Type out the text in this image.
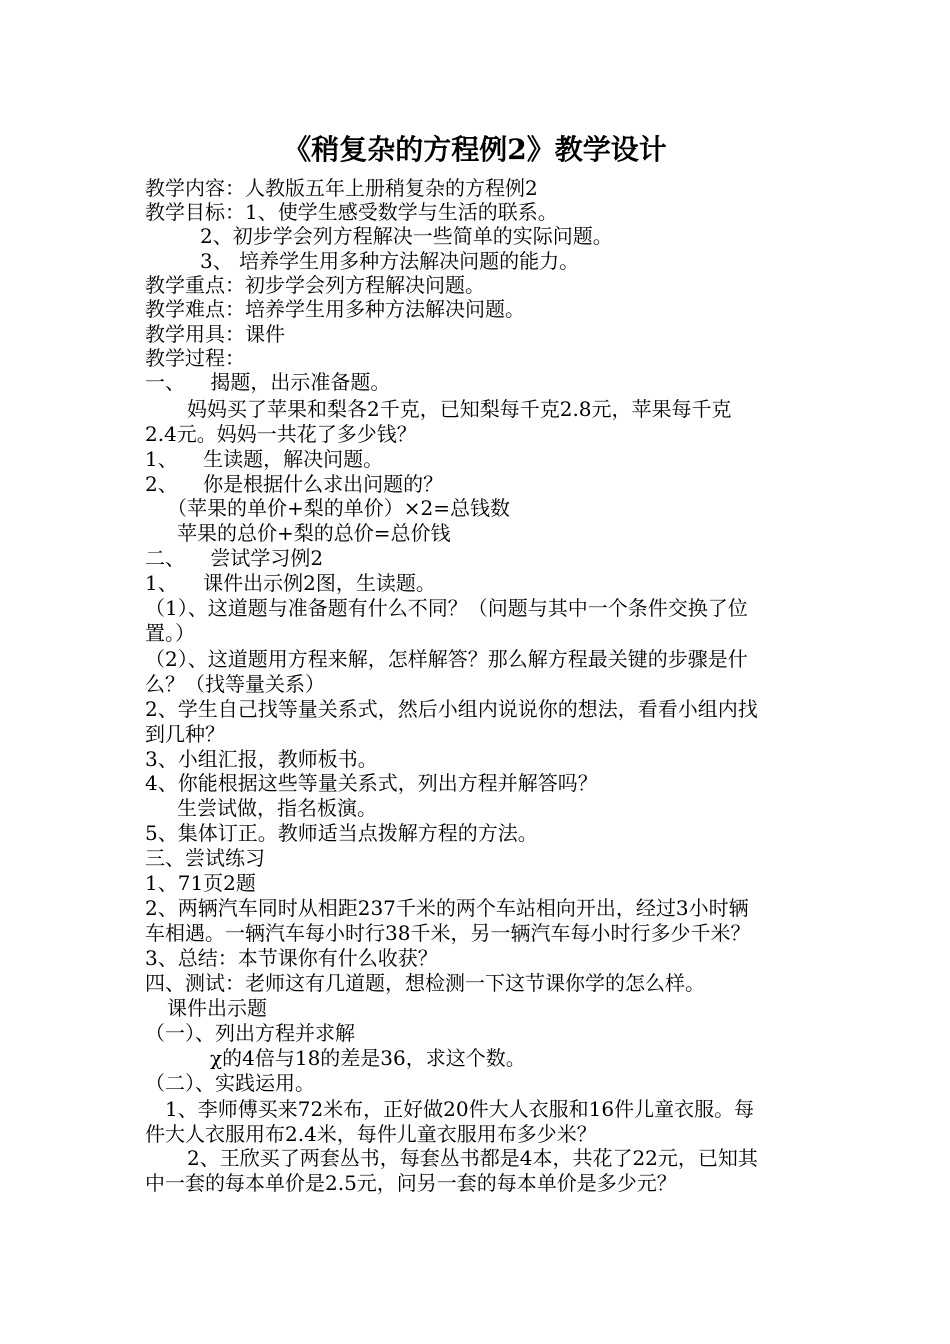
《稍复杂的方程例2》教学设计
教学内容：人教版五年上册稍复杂的方程例2
教学目标：1、使学生感受数学与生活的联系。
2、初步学会列方程解决一些简单的实际问题。
3、 培养学生用多种方法解决问题的能力。
教学重点：初步学会列方程解决问题。
教学难点：培养学生用多种方法解决问题。
教学用具：课件
教学过程：
一、    揭题，出示准备题。
妈妈买了苹果和梨各2千克，已知梨每千克2.8元，苹果每千克
2.4元。妈妈一共花了多少钱？
1、    生读题，解决问题。
2、    你是根据什么求出问题的？
（苹果的单价+梨的单价）×2=总钱数
苹果的总价+梨的总价=总价钱
二、    尝试学习例2
1、    课件出示例2图，生读题。
（1）、这道题与准备题有什么不同？（问题与其中一个条件交换了位
置。）
（2）、这道题用方程来解，怎样解答？那么解方程最关键的步骤是什
么？（找等量关系）
2、学生自己找等量关系式，然后小组内说说你的想法，看看小组内找
到几种？
3、小组汇报，教师板书。
4、你能根据这些等量关系式，列出方程并解答吗？
生尝试做，指名板演。
5、集体订正。教师适当点拨解方程的方法。
三、尝试练习
1、71页2题
2、两辆汽车同时从相距237千米的两个车站相向开出，经过3小时辆
车相遇。一辆汽车每小时行38千米，另一辆汽车每小时行多少千米？
3、总结：本节课你有什么收获？
四、测试：老师这有几道题，想检测一下这节课你学的怎么样。
课件出示题
（一）、列出方程并求解
χ的4倍与18的差是36，求这个数。
（二）、实践运用。
1、李师傅买来72米布，正好做20件大人衣服和16件儿童衣服。每
件大人衣服用布2.4米，每件儿童衣服用布多少米？
2、王欣买了两套丛书，每套丛书都是4本，共花了22元，已知其
中一套的每本单价是2.5元，问另一套的每本单价是多少元？
